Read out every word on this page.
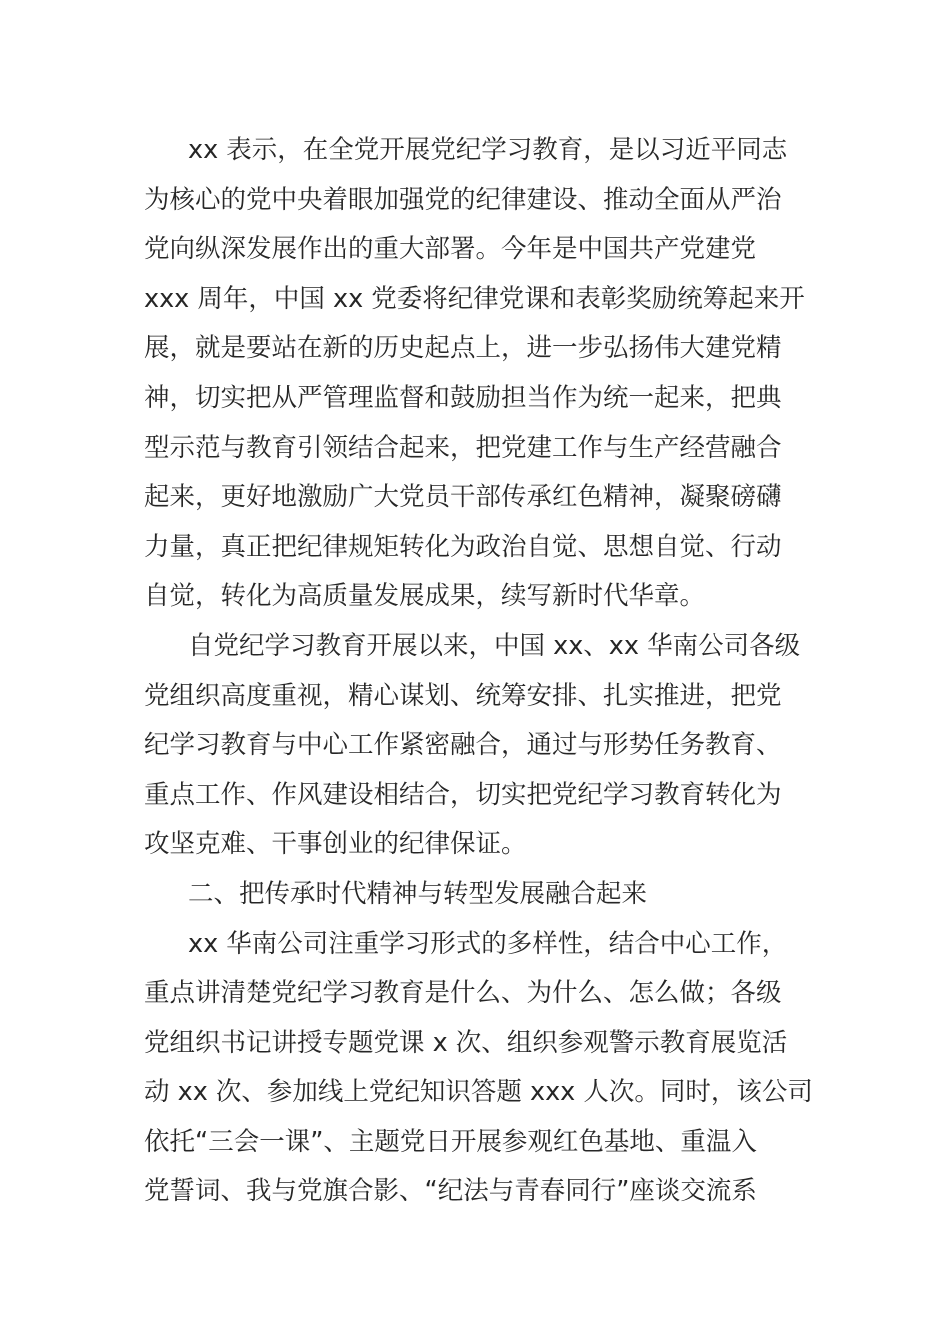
xx 表示，在全党开展党纪学习教育，是以习近平同志
为核心的党中央着眼加强党的纪律建设、推动全面从严治
党向纵深发展作出的重大部署。今年是中国共产党建党
xxx 周年，中国 xx 党委将纪律党课和表彰奖励统筹起来开
展，就是要站在新的历史起点上，进一步弘扬伟大建党精
神，切实把从严管理监督和鼓励担当作为统一起来，把典
型示范与教育引领结合起来，把党建工作与生产经营融合
起来，更好地激励广大党员干部传承红色精神，凝聚磅礴
力量，真正把纪律规矩转化为政治自觉、思想自觉、行动
自觉，转化为高质量发展成果，续写新时代华章。
自党纪学习教育开展以来，中国 xx、xx 华南公司各级
党组织高度重视，精心谋划、统筹安排、扎实推进，把党
纪学习教育与中心工作紧密融合，通过与形势任务教育、
重点工作、作风建设相结合，切实把党纪学习教育转化为
攻坚克难、干事创业的纪律保证。
二、把传承时代精神与转型发展融合起来
xx 华南公司注重学习形式的多样性，结合中心工作，
重点讲清楚党纪学习教育是什么、为什么、怎么做；各级
党组织书记讲授专题党课 x 次、组织参观警示教育展览活
动 xx 次、参加线上党纪知识答题 xxx 人次。同时，该公司
依托“三会一课”、主题党日开展参观红色基地、重温入
党誓词、我与党旗合影、“纪法与青春同行”座谈交流系
